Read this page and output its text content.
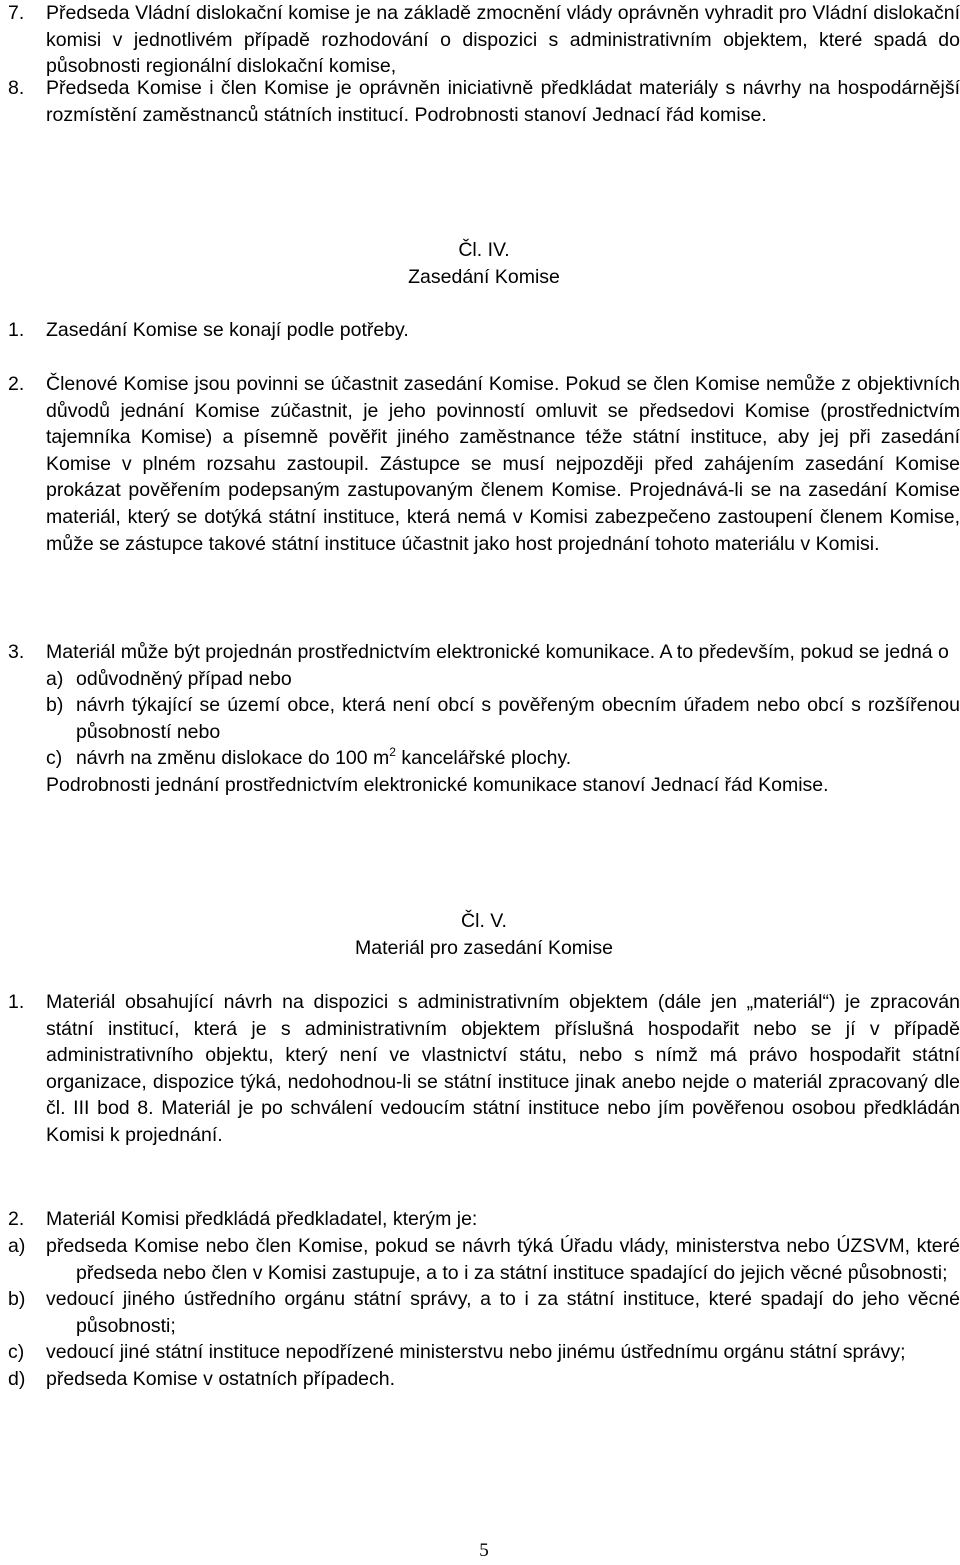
7.	Předseda Vládní dislokační komise je na základě zmocnění vlády oprávněn vyhradit pro Vládní dislokační komisi v jednotlivém případě rozhodování o dispozici s administrativním objektem, které spadá do působnosti regionální dislokační komise,
8.	Předseda Komise i člen Komise je oprávněn iniciativně předkládat materiály s návrhy na hospodárnější rozmístění zaměstnanců státních institucí. Podrobnosti stanoví Jednací řád komise.
Čl. IV.
Zasedání Komise
1.	Zasedání Komise se konají podle potřeby.
2.	Členové Komise jsou povinni se účastnit zasedání Komise. Pokud se člen Komise nemůže z objektivních důvodů jednání Komise zúčastnit, je jeho povinností omluvit se předsedovi Komise (prostřednictvím tajemníka Komise) a písemně pověřit jiného zaměstnance téže státní instituce, aby jej při zasedání Komise v plném rozsahu zastoupil. Zástupce se musí nejpozději před zahájením zasedání Komise prokázat pověřením podepsaným zastupovaným členem Komise. Projednává-li se na zasedání Komise materiál, který se dotýká státní instituce, která nemá v Komisi zabezpečeno zastoupení členem Komise, může se zástupce takové státní instituce účastnit jako host projednání tohoto materiálu v Komisi.
3.	Materiál může být projednán prostřednictvím elektronické komunikace. A to především, pokud se jedná o
a) odůvodněný případ nebo
b) návrh týkající se území obce, která není obcí s pověřeným obecním úřadem nebo obcí s rozšířenou působností nebo
c) návrh na změnu dislokace do 100 $m^2$ kancelářské plochy.
Podrobnosti jednání prostřednictvím elektronické komunikace stanoví Jednací řád Komise.
Čl. V.
Materiál pro zasedání Komise
1.	Materiál obsahující návrh na dispozici s administrativním objektem (dále jen „materiál“) je zpracován státní institucí, která je s administrativním objektem příslušná hospodařit nebo se jí v případě administrativního objektu, který není ve vlastnictví státu, nebo s nímž má právo hospodařit státní organizace, dispozice týká, nedohodnou-li se státní instituce jinak anebo nejde o materiál zpracovaný dle čl. III bod 8. Materiál je po schválení vedoucím státní instituce nebo jím pověřenou osobou předkládán Komisi k projednání.
2.	Materiál Komisi předkládá předkladatel, kterým je:
a)	předseda Komise nebo člen Komise, pokud se návrh týká Úřadu vlády, ministerstva nebo ÚZSVM, které předseda nebo člen v Komisi zastupuje, a to i za státní instituce spadající do jejich věcné působnosti;
b)	vedoucí jiného ústředního orgánu státní správy, a to i za státní instituce, které spadají do jeho věcné působnosti;
c)	vedoucí jiné státní instituce nepodřízené ministerstvu nebo jinému ústřednímu orgánu státní správy;
d)	předseda Komise v ostatních případech.
5
